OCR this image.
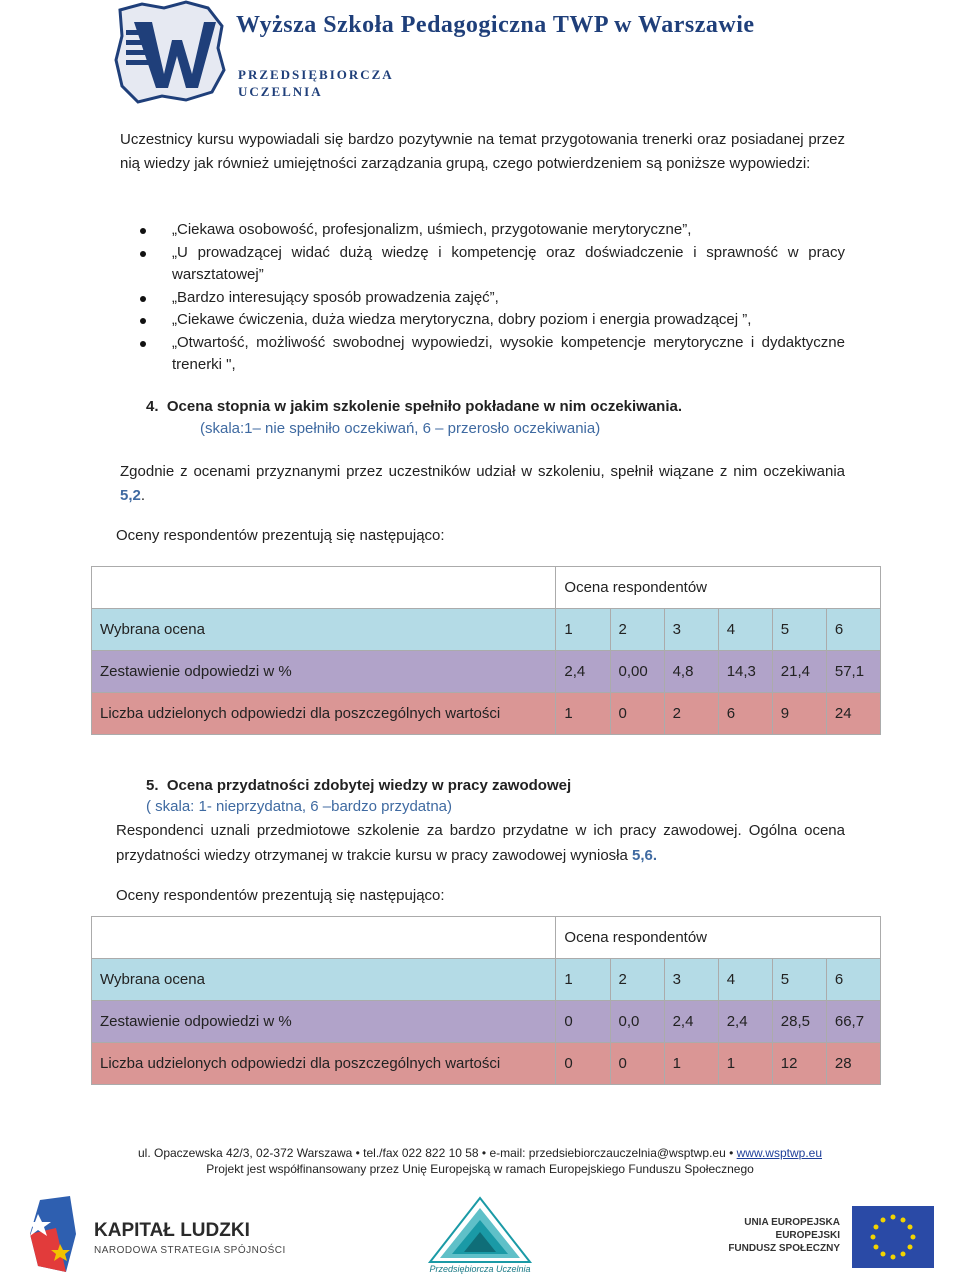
Wyższa Szkoła Pedagogiczna TWP w Warszawie
PRZEDSIĘBIORCZA
UCZELNIA
Uczestnicy kursu wypowiadali się bardzo pozytywnie na temat przygotowania trenerki oraz posiadanej przez nią wiedzy jak również umiejętności zarządzania grupą, czego potwierdzeniem są poniższe wypowiedzi:
„Ciekawa osobowość, profesjonalizm, uśmiech, przygotowanie merytoryczne”,
„U prowadzącej widać dużą wiedzę i kompetencję oraz doświadczenie i sprawność w pracy warsztatowej”
„Bardzo interesujący sposób prowadzenia zajęć”,
„Ciekawe ćwiczenia, duża wiedza merytoryczna, dobry poziom i energia prowadzącej ”,
„Otwartość, możliwość swobodnej wypowiedzi, wysokie kompetencje merytoryczne i dydaktyczne trenerki ",
4. Ocena stopnia w jakim szkolenie spełniło pokładane w nim oczekiwania.
(skala:1– nie spełniło oczekiwań, 6 – przerosło oczekiwania)
Zgodnie z ocenami przyznanymi przez uczestników udział w szkoleniu, spełnił wiązane z nim oczekiwania 5,2.
Oceny respondentów prezentują się następująco:
	Ocena respondentów					
Wybrana ocena	1	2	3	4	5	6
Zestawienie odpowiedzi w %	2,4	0,00	4,8	14,3	21,4	57,1
Liczba udzielonych odpowiedzi dla poszczególnych wartości	1	0	2	6	9	24
5. Ocena przydatności zdobytej wiedzy w pracy zawodowej
( skala: 1- nieprzydatna, 6 –bardzo przydatna)
Respondenci uznali przedmiotowe szkolenie za bardzo przydatne w ich pracy zawodowej. Ogólna ocena przydatności wiedzy otrzymanej w trakcie kursu w pracy zawodowej wyniosła 5,6.
Oceny respondentów prezentują się następująco:
	Ocena respondentów					
Wybrana ocena	1	2	3	4	5	6
Zestawienie odpowiedzi w %	0	0,0	2,4	2,4	28,5	66,7
Liczba udzielonych odpowiedzi dla poszczególnych wartości	0	0	1	1	12	28
ul. Opaczewska 42/3, 02-372 Warszawa • tel./fax 022 822 10 58 • e-mail: przedsiebiorczauczelnia@wsptwp.eu • www.wsptwp.eu
Projekt jest współfinansowany przez Unię Europejską w ramach Europejskiego Funduszu Społecznego
KAPITAŁ LUDZKI
NARODOWA STRATEGIA SPÓJNOŚCI
Przedsiębiorcza Uczelnia
UNIA EUROPEJSKA
EUROPEJSKI
FUNDUSZ SPOŁECZNY
